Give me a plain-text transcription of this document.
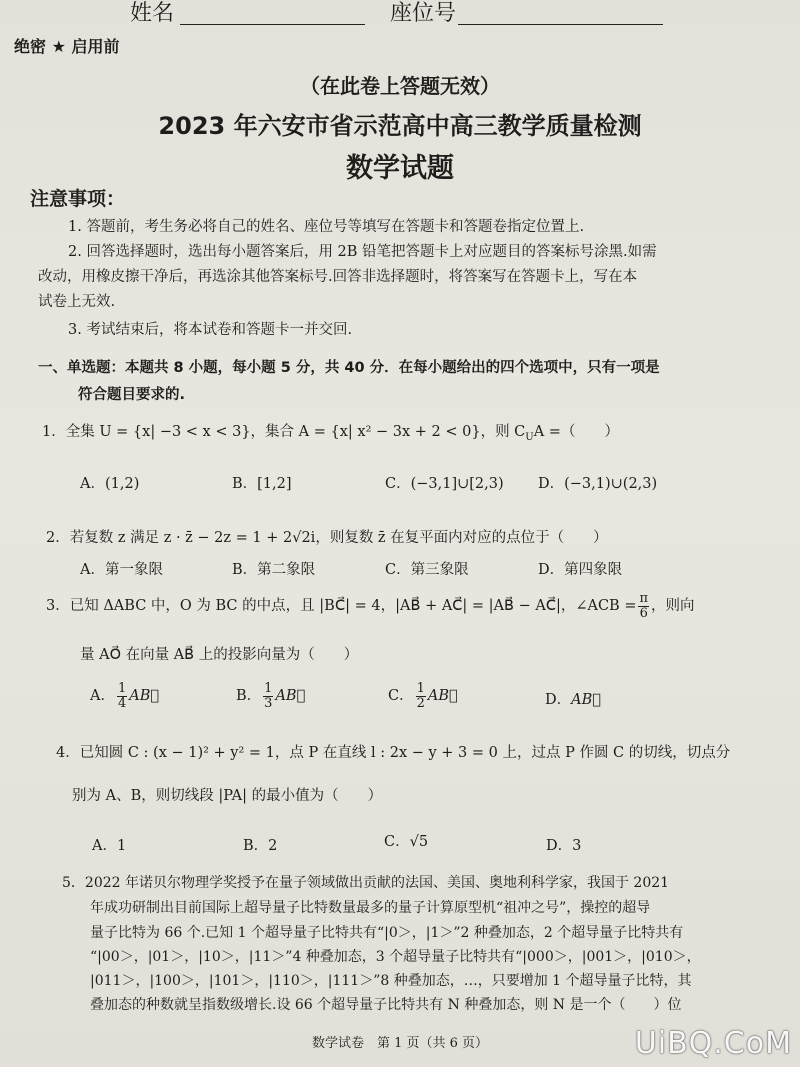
姓名	座位号
绝密 ★ 启用前
（在此卷上答题无效）
2023 年六安市省示范高中高三教学质量检测
数学试题
注意事项：
1. 答题前，考生务必将自己的姓名、座位号等填写在答题卡和答题卷指定位置上.
2. 回答选择题时，选出每小题答案后，用 2B 铅笔把答题卡上对应题目的答案标号涂黑.如需
改动，用橡皮擦干净后，再选涂其他答案标号.回答非选择题时，将答案写在答题卡上，写在本
试卷上无效.
3. 考试结束后，将本试卷和答题卡一并交回.
一、单选题：本题共 8 小题，每小题 5 分，共 40 分．在每小题给出的四个选项中，只有一项是
符合题目要求的.
1．全集 U = {x| −3 < x < 3}，集合 A = {x| x² − 3x + 2 < 0}，则 $C_UA$ =（　　）
A．(1,2)	B．[1,2]	C．(−3,1]∪[2,3) D．(−3,1)∪(2,3)
2．若复数 z 满足 z · z̄ − 2z = 1 + 2√2i，则复数 z̄ 在复平面内对应的点位于（　　）
A．第一象限	B．第二象限	C．第三象限	D．第四象限
3．已知 ΔABC 中，O 为 BC 的中点，且 |BC⃗| = 4，|AB⃗ + AC⃗| = |AB⃗ − AC⃗|，∠ACB = $\frac{\pi}{6}$ ，则向
量 AO⃗ 在向量 AB⃗ 上的投影向量为（　　）
A． $\frac{1}{4}$ AB⃗	B． $\frac{1}{3}$ AB⃗	C． $\frac{1}{2}$ AB⃗	D．AB⃗
4．已知圆 C : (x − 1)² + y² = 1，点 P 在直线 l : 2x − y + 3 = 0 上，过点 P 作圆 C 的切线，切点分
别为 A、B，则切线段 |PA| 的最小值为（　　）
A．1	B．2	C．√5	D．3
5．2022 年诺贝尔物理学奖授予在量子领域做出贡献的法国、美国、奥地利科学家，我国于 2021
年成功研制出目前国际上超导量子比特数量最多的量子计算原型机“祖冲之号”，操控的超导
量子比特为 66 个.已知 1 个超导量子比特共有“|0＞，|1＞”2 种叠加态，2 个超导量子比特共有
“|00＞，|01＞，|10＞，|11＞”4 种叠加态，3 个超导量子比特共有“|000＞，|001＞，|010＞，
|011＞，|100＞，|101＞，|110＞，|111＞”8 种叠加态，…，只要增加 1 个超导量子比特，其
叠加态的种数就呈指数级增长.设 66 个超导量子比特共有 N 种叠加态，则 N 是一个（　　）位
数学试卷　第 1 页（共 6 页）	UiBQ.CoM
